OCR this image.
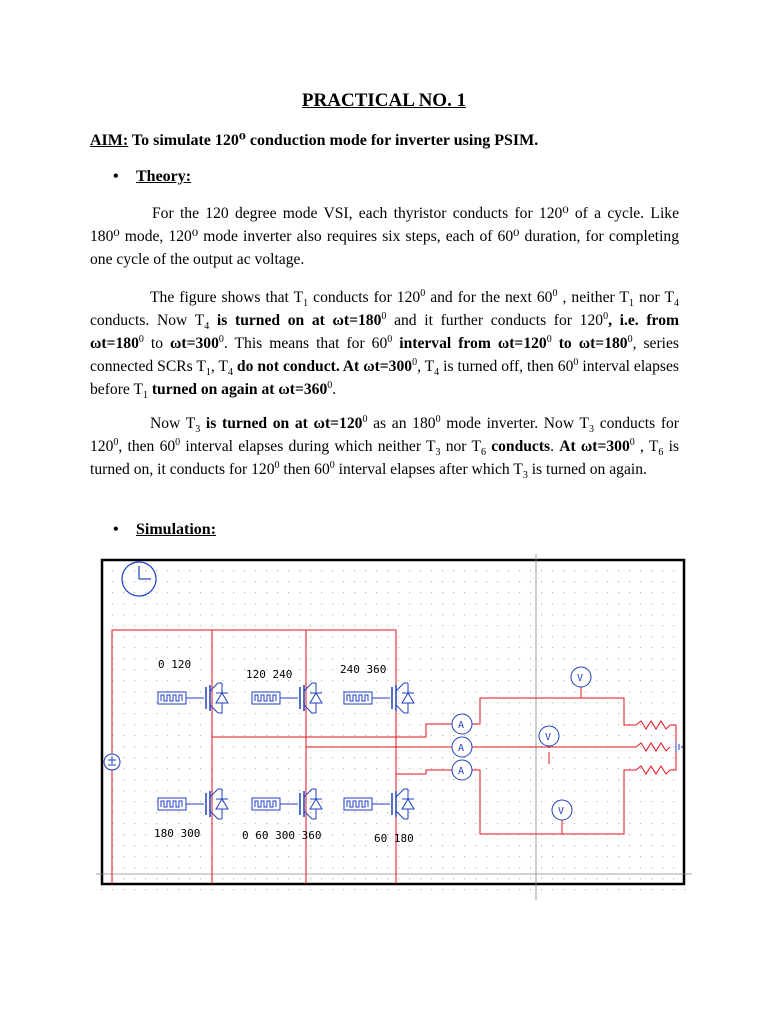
PRACTICAL NO. 1
AIM: To simulate 120⁰ conduction mode for inverter using PSIM.
• Theory:
For the 120 degree mode VSI, each thyristor conducts for 120⁰ of a cycle. Like 180⁰ mode, 120⁰ mode inverter also requires six steps, each of 60⁰ duration, for completing one cycle of the output ac voltage.
The figure shows that $T_1$ conducts for $120^0$ and for the next $60^0$ , neither $T_1$ nor $T_4$ conducts. Now $T_4$ is turned on at $\omega t=180^0$ and it further conducts for $120^0$, i.e. from $\omega t=180^0$ to $\omega t=300^0$. This means that for $60^0$ interval from $\omega t=120^0$ to $\omega t=180^0$, series connected SCRs $T_1$, $T_4$ do not conduct. At $\omega t=300^0$, $T_4$ is turned off, then $60^0$ interval elapses before $T_1$ turned on again at $\omega t=360^0$.
Now $T_3$ is turned on at $\omega t=120^0$ as an $180^0$ mode inverter. Now $T_3$ conducts for $120^0$, then $60^0$ interval elapses during which neither $T_3$ nor $T_6$ conducts. At $\omega t=300^0$ , $T_6$ is turned on, it conducts for $120^0$ then $60^0$ interval elapses after which $T_3$ is turned on again.
• Simulation:
0 120
120 240	240 360
180 300	0 60 300 360	60 180
A
A
A
V
V
V
